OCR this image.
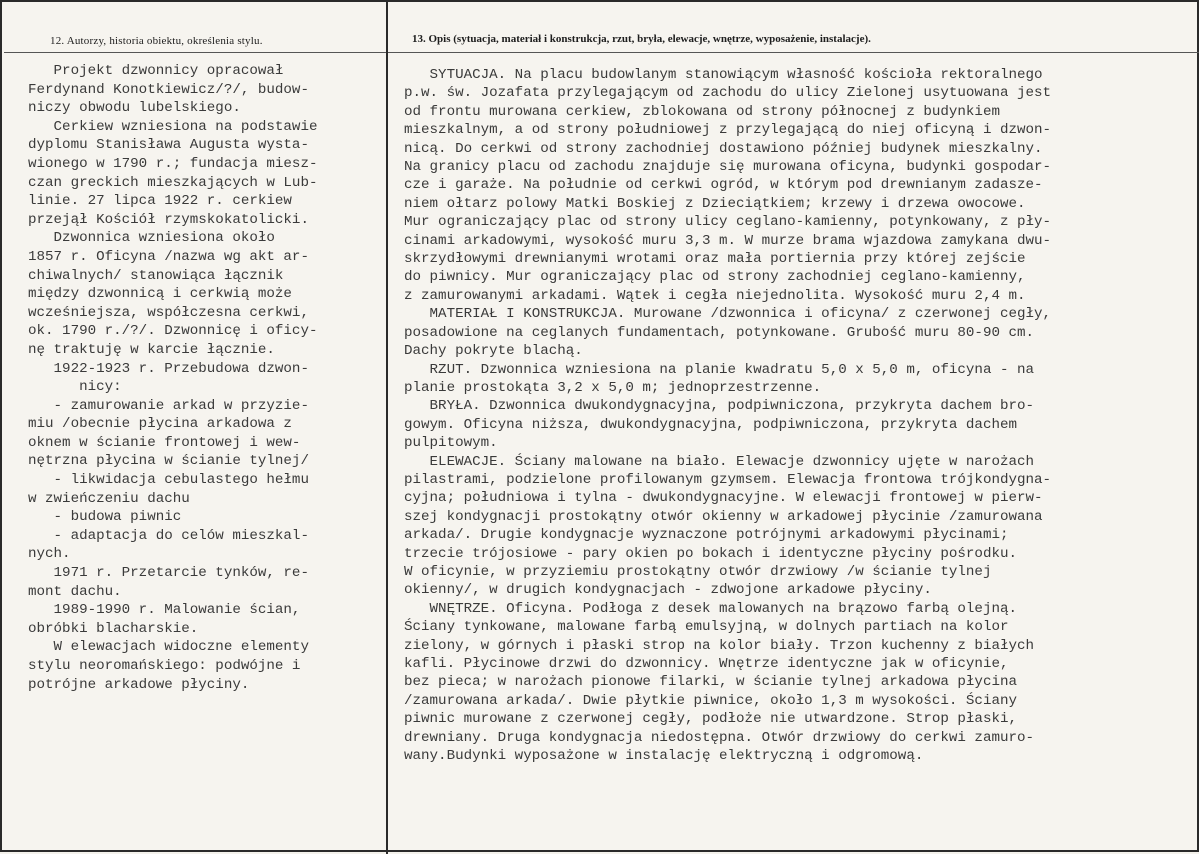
12. Autorzy, historia obiektu, określenia stylu.	13. Opis (sytuacja, materiał i konstrukcja, rzut, bryła, elewacje, wnętrze, wyposażenie, instalacje).
Projekt dzwonnicy opracował
Ferdynand Konotkiewicz/?/, budow-
niczy obwodu lubelskiego.
Cerkiew wzniesiona na podstawie
dyplomu Stanisława Augusta wysta-
wionego w 1790 r.; fundacja miesz-
czan greckich mieszkających w Lub-
linie. 27 lipca 1922 r. cerkiew
przejął Kościół rzymskokatolicki.
Dzwonnica wzniesiona około
1857 r. Oficyna /nazwa wg akt ar-
chiwalnych/ stanowiąca łącznik
między dzwonnicą i cerkwią może
wcześniejsza, współczesna cerkwi,
ok. 1790 r./?/. Dzwonnicę i oficy-
nę traktuję w karcie łącznie.
1922-1923 r. Przebudowa dzwon-
nicy:
- zamurowanie arkad w przyzie-
miu /obecnie płycina arkadowa z
oknem w ścianie frontowej i wew-
nętrzna płycina w ścianie tylnej/
- likwidacja cebulastego hełmu
w zwieńczeniu dachu
- budowa piwnic
- adaptacja do celów mieszkal-
nych.
1971 r. Przetarcie tynków, re-
mont dachu.
1989-1990 r. Malowanie ścian,
obróbki blacharskie.
W elewacjach widoczne elementy
stylu neoromańskiego: podwójne i
potrójne arkadowe płyciny.
SYTUACJA. Na placu budowlanym stanowiącym własność kościoła rektoralnego
p.w. św. Jozafata przylegającym od zachodu do ulicy Zielonej usytuowana jest
od frontu murowana cerkiew, zblokowana od strony północnej z budynkiem
mieszkalnym, a od strony południowej z przylegającą do niej oficyną i dzwon-
nicą. Do cerkwi od strony zachodniej dostawiono później budynek mieszkalny.
Na granicy placu od zachodu znajduje się murowana oficyna, budynki gospodar-
cze i garaże. Na południe od cerkwi ogród, w którym pod drewnianym zadasze-
niem ołtarz polowy Matki Boskiej z Dzieciątkiem; krzewy i drzewa owocowe.
Mur ograniczający plac od strony ulicy ceglano-kamienny, potynkowany, z pły-
cinami arkadowymi, wysokość muru 3,3 m. W murze brama wjazdowa zamykana dwu-
skrzydłowymi drewnianymi wrotami oraz mała portiernia przy której zejście
do piwnicy. Mur ograniczający plac od strony zachodniej ceglano-kamienny,
z zamurowanymi arkadami. Wątek i cegła niejednolita. Wysokość muru 2,4 m.
MATERIAŁ I KONSTRUKCJA. Murowane /dzwonnica i oficyna/ z czerwonej cegły,
posadowione na ceglanych fundamentach, potynkowane. Grubość muru 80-90 cm.
Dachy pokryte blachą.
RZUT. Dzwonnica wzniesiona na planie kwadratu 5,0 x 5,0 m, oficyna - na
planie prostokąta 3,2 x 5,0 m; jednoprzestrzenne.
BRYŁA. Dzwonnica dwukondygnacyjna, podpiwniczona, przykryta dachem bro-
gowym. Oficyna niższa, dwukondygnacyjna, podpiwniczona, przykryta dachem
pulpitowym.
ELEWACJE. Ściany malowane na biało. Elewacje dzwonnicy ujęte w narożach
pilastrami, podzielone profilowanym gzymsem. Elewacja frontowa trójkondygna-
cyjna; południowa i tylna - dwukondygnacyjne. W elewacji frontowej w pierw-
szej kondygnacji prostokątny otwór okienny w arkadowej płycinie /zamurowana
arkada/. Drugie kondygnacje wyznaczone potrójnymi arkadowymi płycinami;
trzecie trójosiowe - pary okien po bokach i identyczne płyciny pośrodku.
W oficynie, w przyziemiu prostokątny otwór drzwiowy /w ścianie tylnej
okienny/, w drugich kondygnacjach - zdwojone arkadowe płyciny.
WNĘTRZE. Oficyna. Podłoga z desek malowanych na brązowo farbą olejną.
Ściany tynkowane, malowane farbą emulsyjną, w dolnych partiach na kolor
zielony, w górnych i płaski strop na kolor biały. Trzon kuchenny z białych
kafli. Płycinowe drzwi do dzwonnicy. Wnętrze identyczne jak w oficynie,
bez pieca; w narożach pionowe filarki, w ścianie tylnej arkadowa płycina
/zamurowana arkada/. Dwie płytkie piwnice, około 1,3 m wysokości. Ściany
piwnic murowane z czerwonej cegły, podłoże nie utwardzone. Strop płaski,
drewniany. Druga kondygnacja niedostępna. Otwór drzwiowy do cerkwi zamuro-
wany.Budynki wyposażone w instalację elektryczną i odgromową.
